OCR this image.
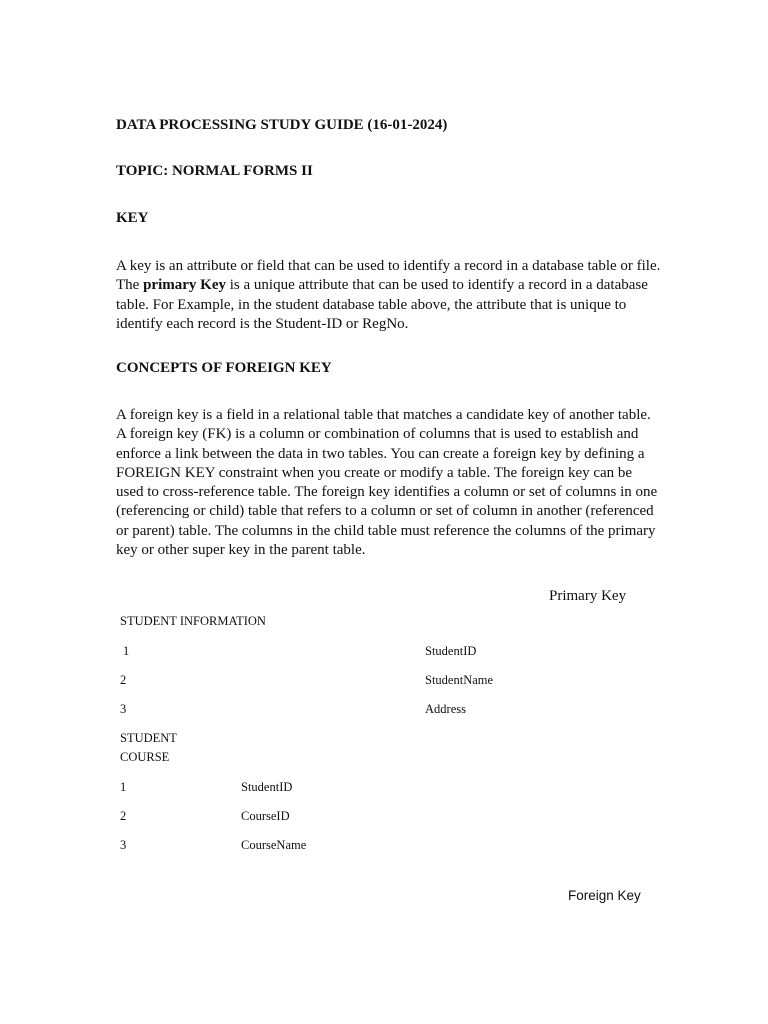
DATA PROCESSING STUDY GUIDE (16-01-2024)

TOPIC: NORMAL FORMS II

KEY

A key is an attribute or field that can be used to identify a record in a database table or file. The primary Key is a unique attribute that can be used to identify a record in a database table. For Example, in the student database table above, the attribute that is unique to identify each record is the Student-ID or RegNo.

CONCEPTS OF FOREIGN KEY

A foreign key is a field in a relational table that matches a candidate key of another table. A foreign key (FK) is a column or combination of columns that is used to establish and enforce a link between the data in two tables. You can create a foreign key by defining a FOREIGN KEY constraint when you create or modify a table. The foreign key can be used to cross-reference table. The foreign key identifies a column or set of columns in one (referencing or child) table that refers to a column or set of column in another (referenced or parent) table. The columns in the child table must reference the columns of the primary key or other super key in the parent table.

Primary Key
STUDENT INFORMATION
1	StudentID
2	StudentName
3	Address
STUDENT
COURSE
1	StudentID
2	CourseID
3	CourseName
Foreign Key
